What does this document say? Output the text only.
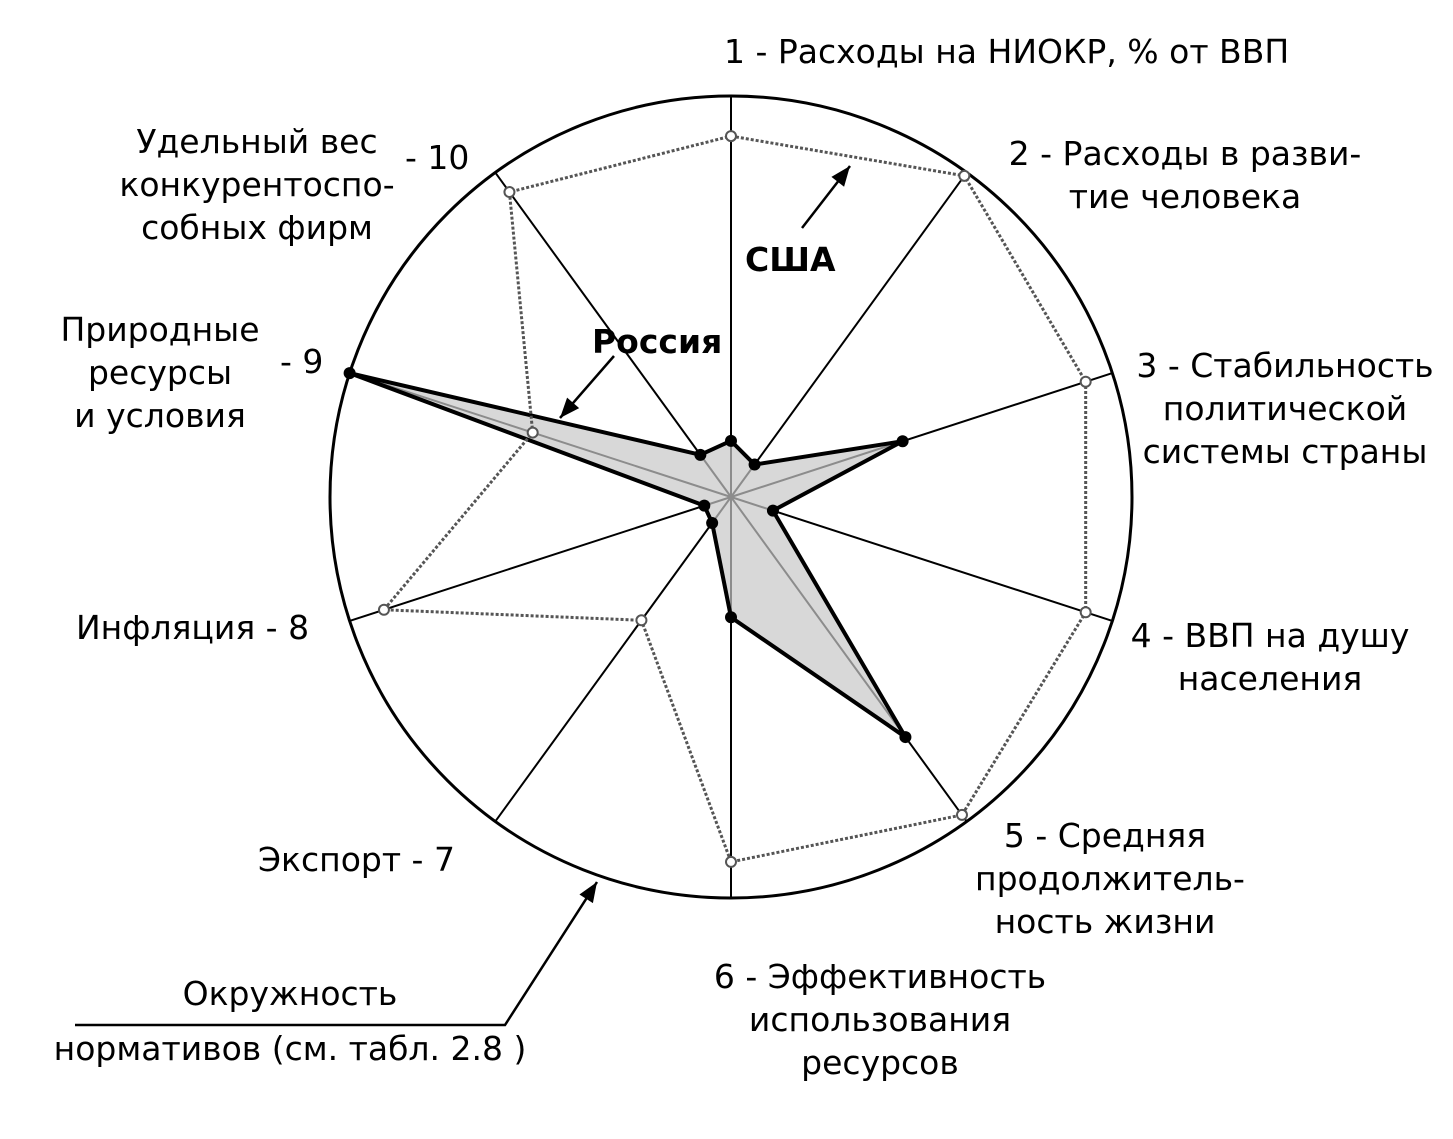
1 - Расходы на НИОКР, % от ВВП
2 - Расходы в разви-
тие человека
3 - Стабильность
политической
системы страны
4 - ВВП на душу
населения
5 - Средняя
продолжитель-
ность жизни
6 - Эффективность
использования
ресурсов
Экспорт - 7
Инфляция - 8
Природные
ресурсы
и условия
- 9
Удельный вес
конкурентоспо-
собных фирм
- 10
США
Россия
Окружность
нормативов (см. табл. 2.8 )
